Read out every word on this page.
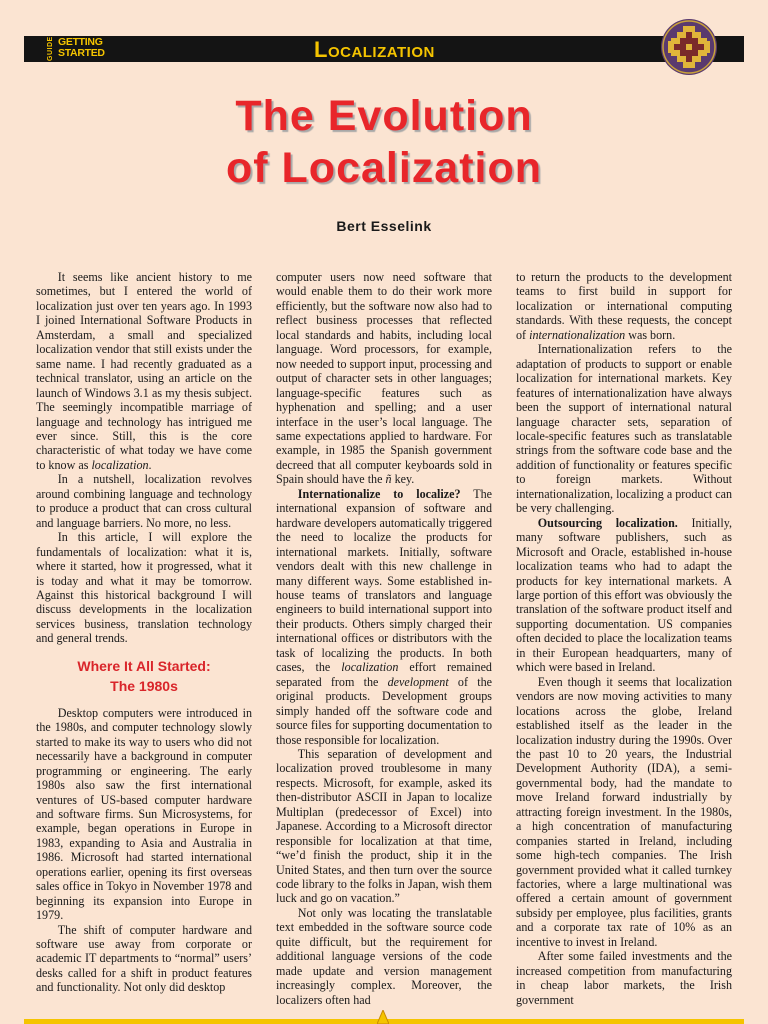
GUIDE GETTING
STARTED	Localization
The Evolution
of Localization
Bert Esselink

It seems like ancient history to me sometimes, but I entered the world of localization just over ten years ago. In 1993 I joined International Software Products in Amsterdam, a small and specialized localization vendor that still exists under the same name. I had recently graduated as a technical translator, using an article on the launch of Windows 3.1 as my thesis subject. The seemingly incompatible marriage of language and technology has intrigued me ever since. Still, this is the core characteristic of what today we have come to know as localization.

In a nutshell, localization revolves around combining language and technology to produce a product that can cross cultural and language barriers. No more, no less.

In this article, I will explore the fundamentals of localization: what it is, where it started, how it progressed, what it is today and what it may be tomorrow. Against this historical background I will discuss developments in the localization services business, translation technology and general trends.

Where It All Started:
The 1980s

Desktop computers were introduced in the 1980s, and computer technology slowly started to make its way to users who did not necessarily have a background in computer programming or engineering. The early 1980s also saw the first international ventures of US-based computer hardware and software firms. Sun Microsystems, for example, began operations in Europe in 1983, expanding to Asia and Australia in 1986. Microsoft had started international operations earlier, opening its first overseas sales office in Tokyo in November 1978 and beginning its expansion into Europe in 1979.

The shift of computer hardware and software use away from corporate or academic IT departments to “normal” users’ desks called for a shift in product features and functionality. Not only did desktop

computer users now need software that would enable them to do their work more efficiently, but the software now also had to reflect business processes that reflected local standards and habits, including local language. Word processors, for example, now needed to support input, processing and output of character sets in other languages; language-specific features such as hyphenation and spelling; and a user interface in the user’s local language. The same expectations applied to hardware. For example, in 1985 the Spanish government decreed that all computer keyboards sold in Spain should have the ñ key.

Internationalize to localize? The international expansion of software and hardware developers automatically triggered the need to localize the products for international markets. Initially, software vendors dealt with this new challenge in many different ways. Some established in-house teams of translators and language engineers to build international support into their products. Others simply charged their international offices or distributors with the task of localizing the products. In both cases, the localization effort remained separated from the development of the original products. Development groups simply handed off the software code and source files for supporting documentation to those responsible for localization.

This separation of development and localization proved troublesome in many respects. Microsoft, for example, asked its then-distributor ASCII in Japan to localize Multiplan (predecessor of Excel) into Japanese. According to a Microsoft director responsible for localization at that time, “we’d finish the product, ship it in the United States, and then turn over the source code library to the folks in Japan, wish them luck and go on vacation.”

Not only was locating the translatable text embedded in the software source code quite difficult, but the requirement for additional language versions of the code made update and version management increasingly complex. Moreover, the localizers often had

to return the products to the development teams to first build in support for localization or international computing standards. With these requests, the concept of internationalization was born.

Internationalization refers to the adaptation of products to support or enable localization for international markets. Key features of internationalization have always been the support of international natural language character sets, separation of locale-specific features such as translatable strings from the software code base and the addition of functionality or features specific to foreign markets. Without internationalization, localizing a product can be very challenging.

Outsourcing localization. Initially, many software publishers, such as Microsoft and Oracle, established in-house localization teams who had to adapt the products for key international markets. A large portion of this effort was obviously the translation of the software product itself and supporting documentation. US companies often decided to place the localization teams in their European headquarters, many of which were based in Ireland.

Even though it seems that localization vendors are now moving activities to many locations across the globe, Ireland established itself as the leader in the localization industry during the 1990s. Over the past 10 to 20 years, the Industrial Development Authority (IDA), a semi-governmental body, had the mandate to move Ireland forward industrially by attracting foreign investment. In the 1980s, a high concentration of manufacturing companies started in Ireland, including some high-tech companies. The Irish government provided what it called turnkey factories, where a large multinational was offered a certain amount of government subsidy per employee, plus facilities, grants and a corporate tax rate of 10% as an incentive to invest in Ireland.

After some failed investments and the increased competition from manufacturing in cheap labor markets, the Irish government
